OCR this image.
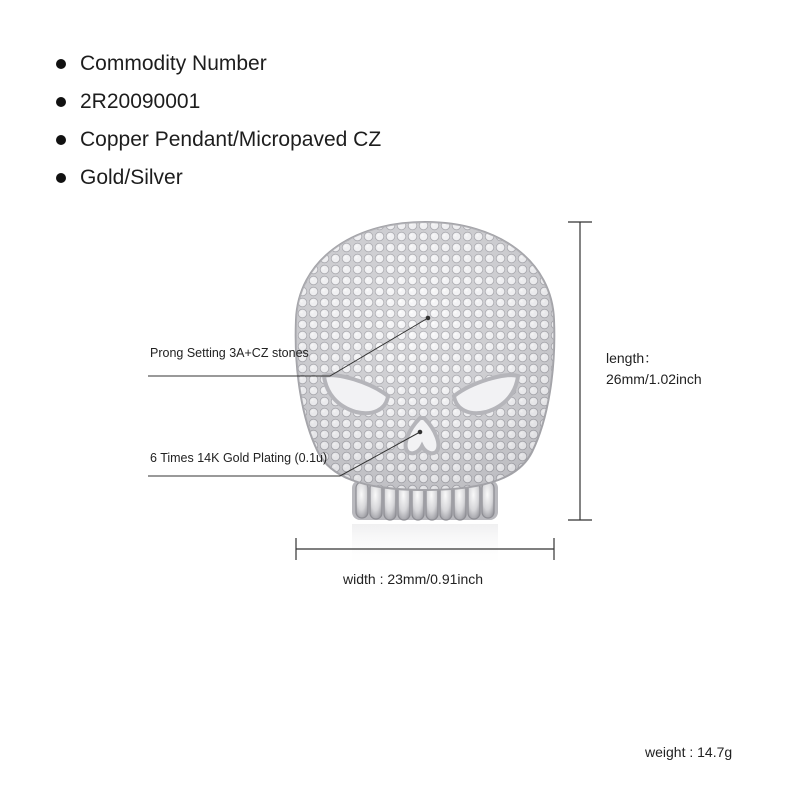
Commodity Number
2R20090001
Copper Pendant/Micropaved CZ
Gold/Silver
Prong Setting 3A+CZ stones
6 Times 14K Gold Plating (0.1u)
length：
26mm/1.02inch
width : 23mm/0.91inch
weight : 14.7g
